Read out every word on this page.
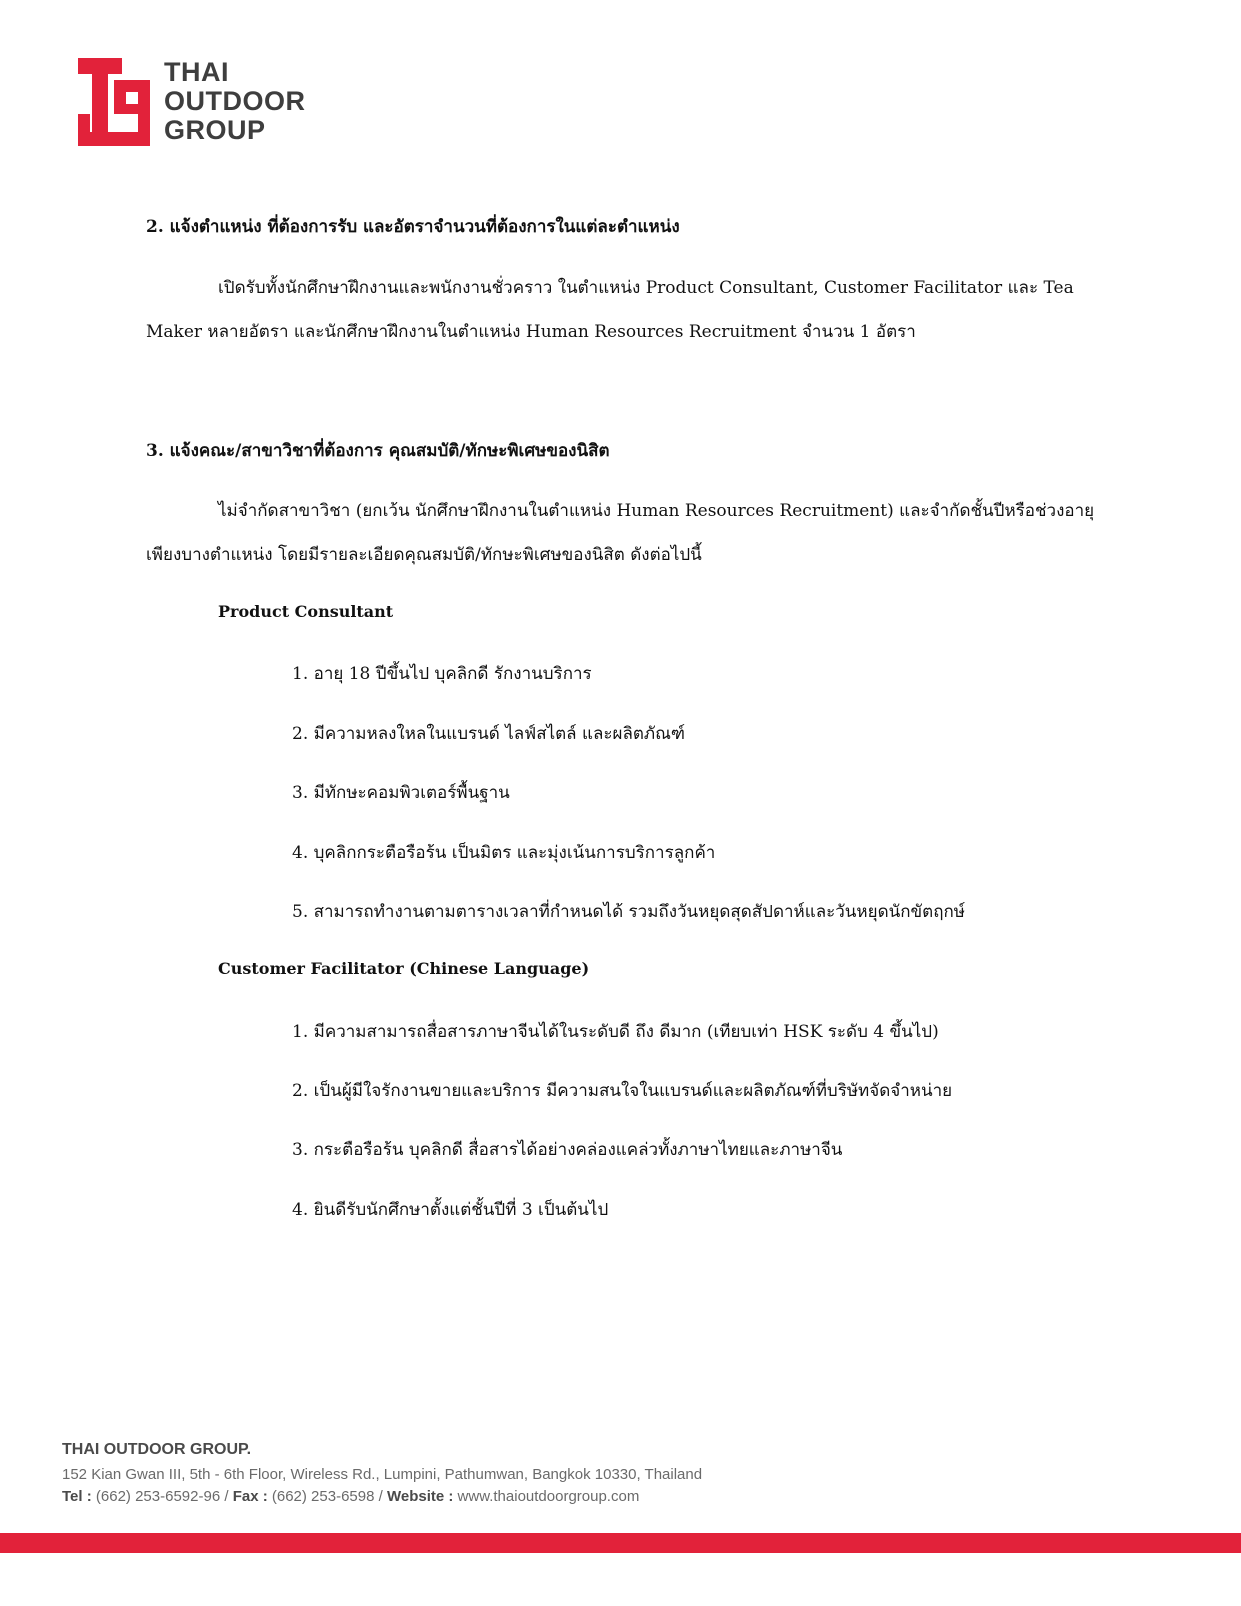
THAI
OUTDOOR
GROUP
2. แจ้งตำแหน่ง ที่ต้องการรับ และอัตราจำนวนที่ต้องการในแต่ละตำแหน่ง
เปิดรับทั้งนักศึกษาฝึกงานและพนักงานชั่วคราว ในตำแหน่ง Product Consultant, Customer Facilitator และ Tea
Maker หลายอัตรา และนักศึกษาฝึกงานในตำแหน่ง Human Resources Recruitment จำนวน 1 อัตรา
3. แจ้งคณะ/สาขาวิชาที่ต้องการ คุณสมบัติ/ทักษะพิเศษของนิสิต
ไม่จำกัดสาขาวิชา (ยกเว้น นักศึกษาฝึกงานในตำแหน่ง Human Resources Recruitment) และจำกัดชั้นปีหรือช่วงอายุ
เพียงบางตำแหน่ง โดยมีรายละเอียดคุณสมบัติ/ทักษะพิเศษของนิสิต ดังต่อไปนี้
Product Consultant
1. อายุ 18 ปีขึ้นไป บุคลิกดี รักงานบริการ
2. มีความหลงใหลในแบรนด์ ไลฟ์สไตล์ และผลิตภัณฑ์
3. มีทักษะคอมพิวเตอร์พื้นฐาน
4. บุคลิกกระตือรือร้น เป็นมิตร และมุ่งเน้นการบริการลูกค้า
5. สามารถทำงานตามตารางเวลาที่กำหนดได้ รวมถึงวันหยุดสุดสัปดาห์และวันหยุดนักขัตฤกษ์
Customer Facilitator (Chinese Language)
1. มีความสามารถสื่อสารภาษาจีนได้ในระดับดี ถึง ดีมาก (เทียบเท่า HSK ระดับ 4 ขึ้นไป)
2. เป็นผู้มีใจรักงานขายและบริการ มีความสนใจในแบรนด์และผลิตภัณฑ์ที่บริษัทจัดจำหน่าย
3. กระตือรือร้น บุคลิกดี สื่อสารได้อย่างคล่องแคล่วทั้งภาษาไทยและภาษาจีน
4. ยินดีรับนักศึกษาตั้งแต่ชั้นปีที่ 3 เป็นต้นไป
THAI OUTDOOR GROUP.
152 Kian Gwan III, 5th - 6th Floor, Wireless Rd., Lumpini, Pathumwan, Bangkok 10330, Thailand
Tel : (662) 253-6592-96 / Fax : (662) 253-6598 / Website : www.thaioutdoorgroup.com
